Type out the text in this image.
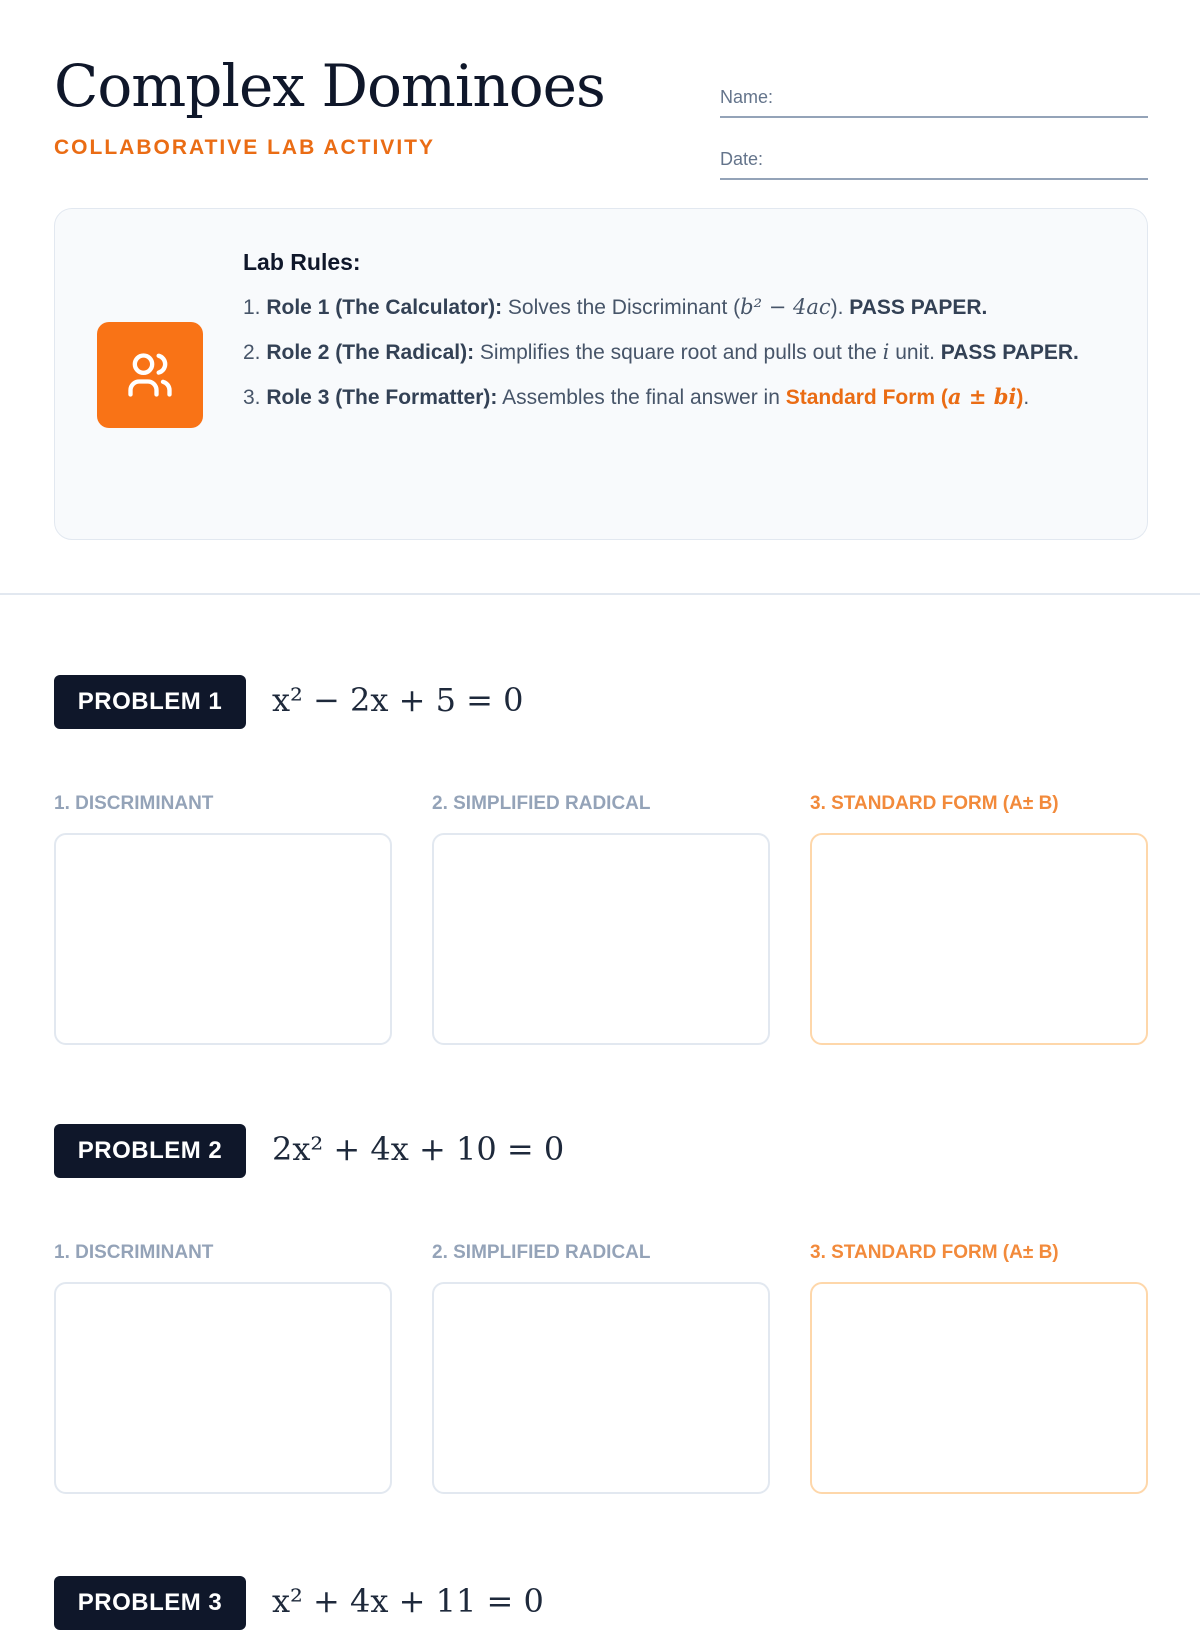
Complex Dominoes
COLLABORATIVE LAB ACTIVITY
Name:
Date:
Lab Rules:
1. Role 1 (The Calculator): Solves the Discriminant (b² − 4ac). PASS PAPER.
2. Role 2 (The Radical): Simplifies the square root and pulls out the i unit. PASS PAPER.
3. Role 3 (The Formatter): Assembles the final answer in Standard Form (a ± bi).
PROBLEM 1	x² − 2x + 5 = 0
1. DISCRIMINANT	2. SIMPLIFIED RADICAL	3. STANDARD FORM (A± B)
PROBLEM 2	2x² + 4x + 10 = 0
1. DISCRIMINANT	2. SIMPLIFIED RADICAL	3. STANDARD FORM (A± B)
PROBLEM 3	x² + 4x + 11 = 0
